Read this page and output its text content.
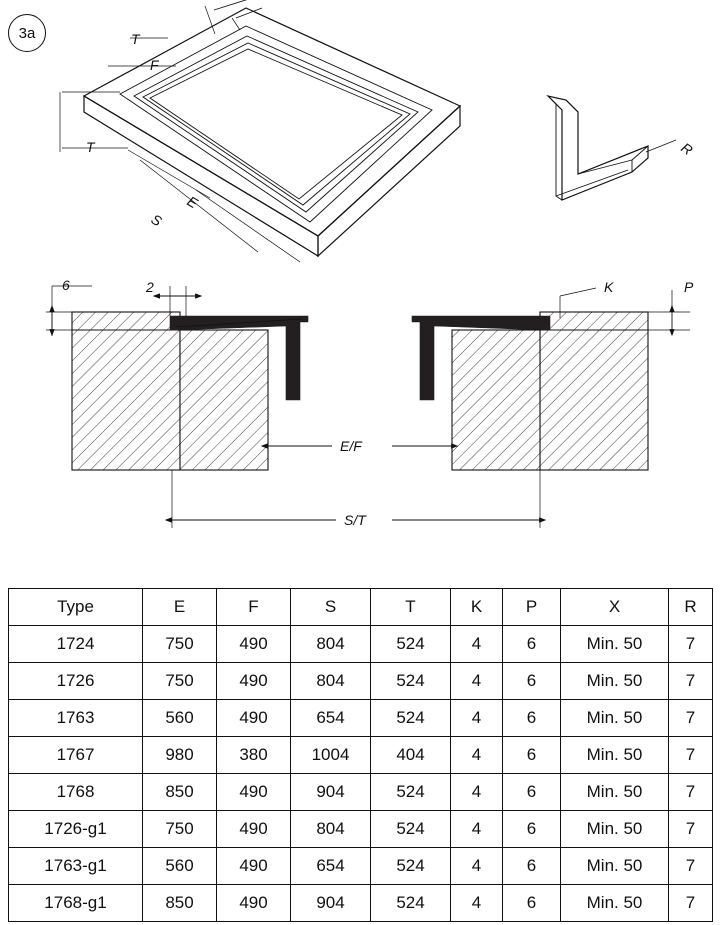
3a	T
F
T
S
E
R
6	2	K	P
E/F
S/T
Type	E	F	S	T	K	P	X	R
1724	750	490	804	524	4	6	Min. 50	7
1726	750	490	804	524	4	6	Min. 50	7
1763	560	490	654	524	4	6	Min. 50	7
1767	980	380	1004	404	4	6	Min. 50	7
1768	850	490	904	524	4	6	Min. 50	7
1726-g1	750	490	804	524	4	6	Min. 50	7
1763-g1	560	490	654	524	4	6	Min. 50	7
1768-g1	850	490	904	524	4	6	Min. 50	7
